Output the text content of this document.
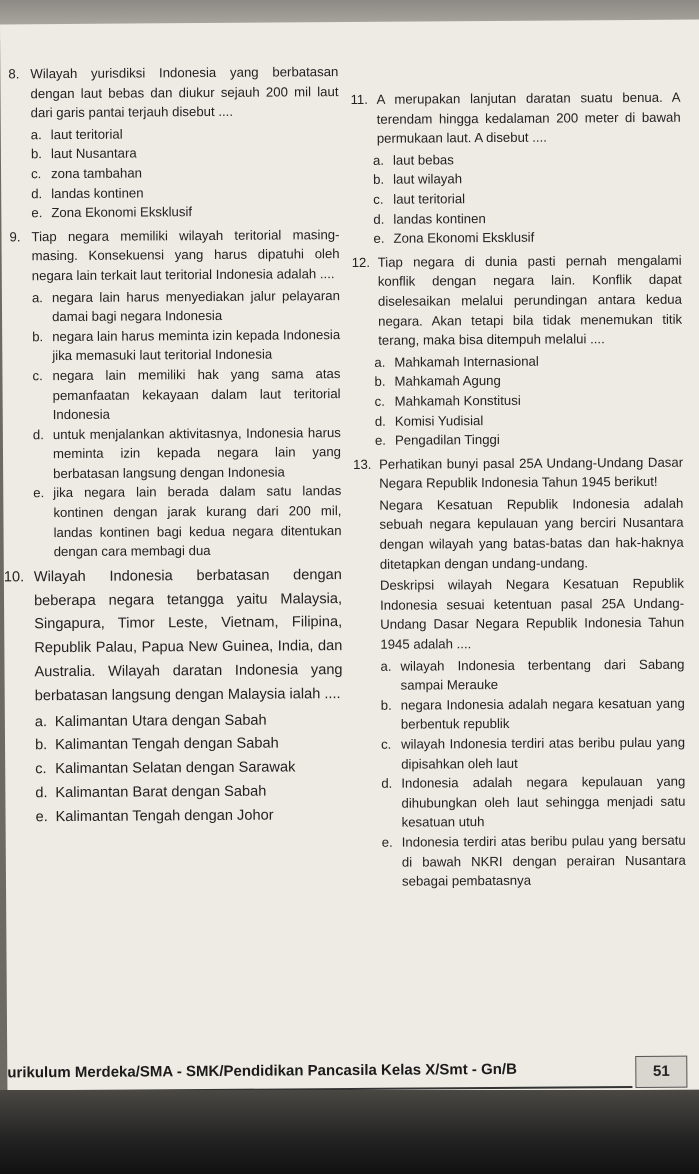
8. Wilayah yurisdiksi Indonesia yang berbatasan dengan laut bebas dan diukur sejauh 200 mil laut dari garis pantai terjauh disebut ....
a. laut teritorial
b. laut Nusantara
c. zona tambahan
d. landas kontinen
e. Zona Ekonomi Eksklusif
9. Tiap negara memiliki wilayah teritorial masing-masing. Konsekuensi yang harus dipatuhi oleh negara lain terkait laut teritorial Indonesia adalah ....
a. negara lain harus menyediakan jalur pelayaran damai bagi negara Indonesia
b. negara lain harus meminta izin kepada Indonesia jika memasuki laut teritorial Indonesia
c. negara lain memiliki hak yang sama atas pemanfaatan kekayaan dalam laut teritorial Indonesia
d. untuk menjalankan aktivitasnya, Indonesia harus meminta izin kepada negara lain yang berbatasan langsung dengan Indonesia
e. jika negara lain berada dalam satu landas kontinen dengan jarak kurang dari 200 mil, landas kontinen bagi kedua negara ditentukan dengan cara membagi dua
10. Wilayah Indonesia berbatasan dengan beberapa negara tetangga yaitu Malaysia, Singapura, Timor Leste, Vietnam, Filipina, Republik Palau, Papua New Guinea, India, dan Australia. Wilayah daratan Indonesia yang berbatasan langsung dengan Malaysia ialah ....
a. Kalimantan Utara dengan Sabah
b. Kalimantan Tengah dengan Sabah
c. Kalimantan Selatan dengan Sarawak
d. Kalimantan Barat dengan Sabah
e. Kalimantan Tengah dengan Johor
11. A merupakan lanjutan daratan suatu benua. A terendam hingga kedalaman 200 meter di bawah permukaan laut. A disebut ....
a. laut bebas
b. laut wilayah
c. laut teritorial
d. landas kontinen
e. Zona Ekonomi Eksklusif
12. Tiap negara di dunia pasti pernah mengalami konflik dengan negara lain. Konflik dapat diselesaikan melalui perundingan antara kedua negara. Akan tetapi bila tidak menemukan titik terang, maka bisa ditempuh melalui ....
a. Mahkamah Internasional
b. Mahkamah Agung
c. Mahkamah Konstitusi
d. Komisi Yudisial
e. Pengadilan Tinggi
13. Perhatikan bunyi pasal 25A Undang-Undang Dasar Negara Republik Indonesia Tahun 1945 berikut!
Negara Kesatuan Republik Indonesia adalah sebuah negara kepulauan yang berciri Nusantara dengan wilayah yang batas-batas dan hak-haknya ditetapkan dengan undang-undang.
Deskripsi wilayah Negara Kesatuan Republik Indonesia sesuai ketentuan pasal 25A Undang-Undang Dasar Negara Republik Indonesia Tahun 1945 adalah ....
a. wilayah Indonesia terbentang dari Sabang sampai Merauke
b. negara Indonesia adalah negara kesatuan yang berbentuk republik
c. wilayah Indonesia terdiri atas beribu pulau yang dipisahkan oleh laut
d. Indonesia adalah negara kepulauan yang dihubungkan oleh laut sehingga menjadi satu kesatuan utuh
e. Indonesia terdiri atas beribu pulau yang bersatu di bawah NKRI dengan perairan Nusantara sebagai pembatasnya
urikulum Merdeka/SMA - SMK/Pendidikan Pancasila Kelas X/Smt - Gn/B	51
